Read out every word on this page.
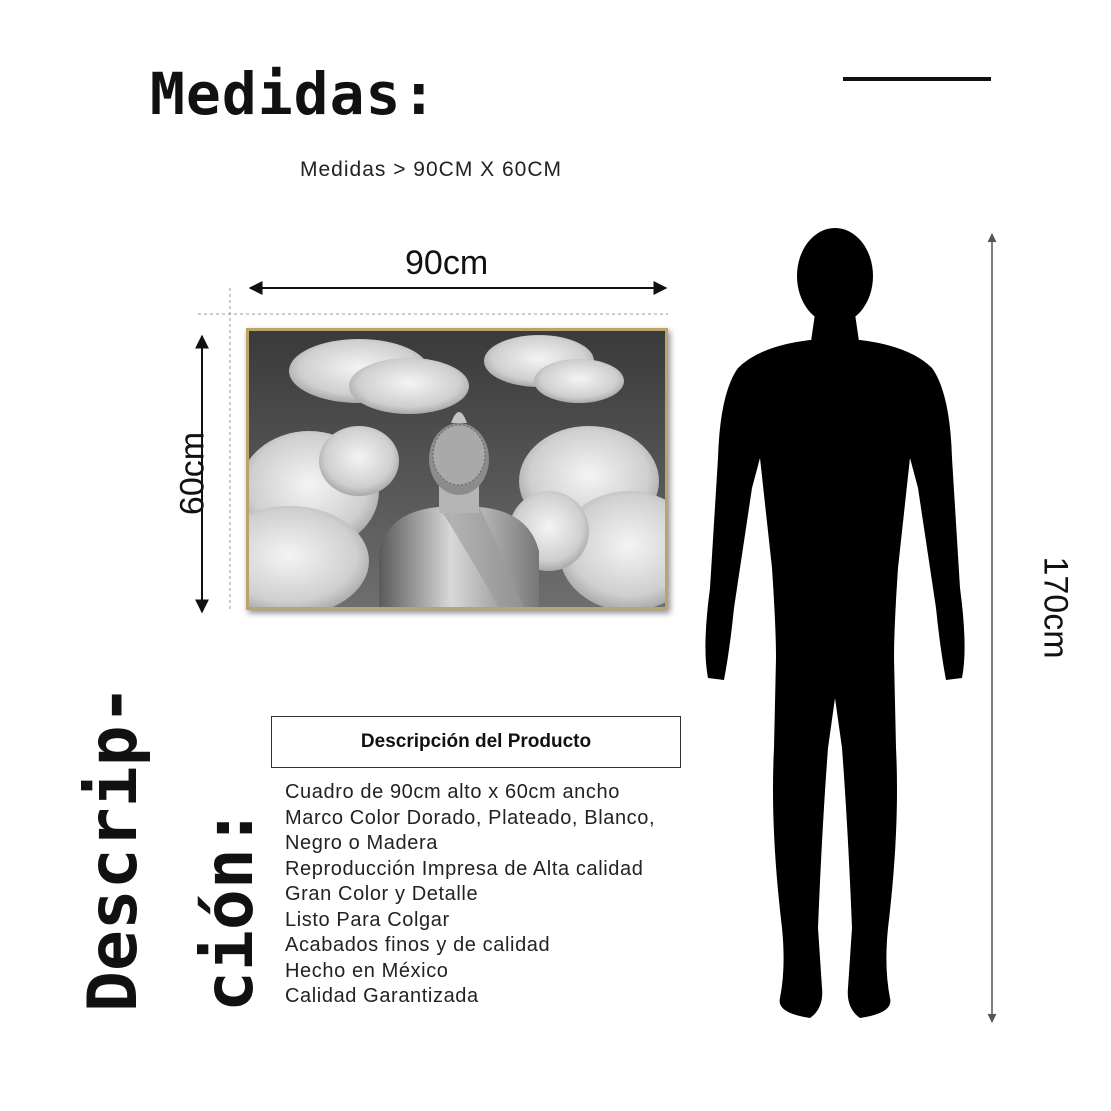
Medidas:
Medidas > 90CM X 60CM
90cm
60cm
170cm
Descrip- ción:
Descripción del Producto
Cuadro de 90cm alto x 60cm ancho
Marco Color Dorado, Plateado, Blanco,
Negro o Madera
Reproducción Impresa de Alta calidad
Gran Color y Detalle
Listo Para Colgar
Acabados finos y de calidad
Hecho en México
Calidad Garantizada
